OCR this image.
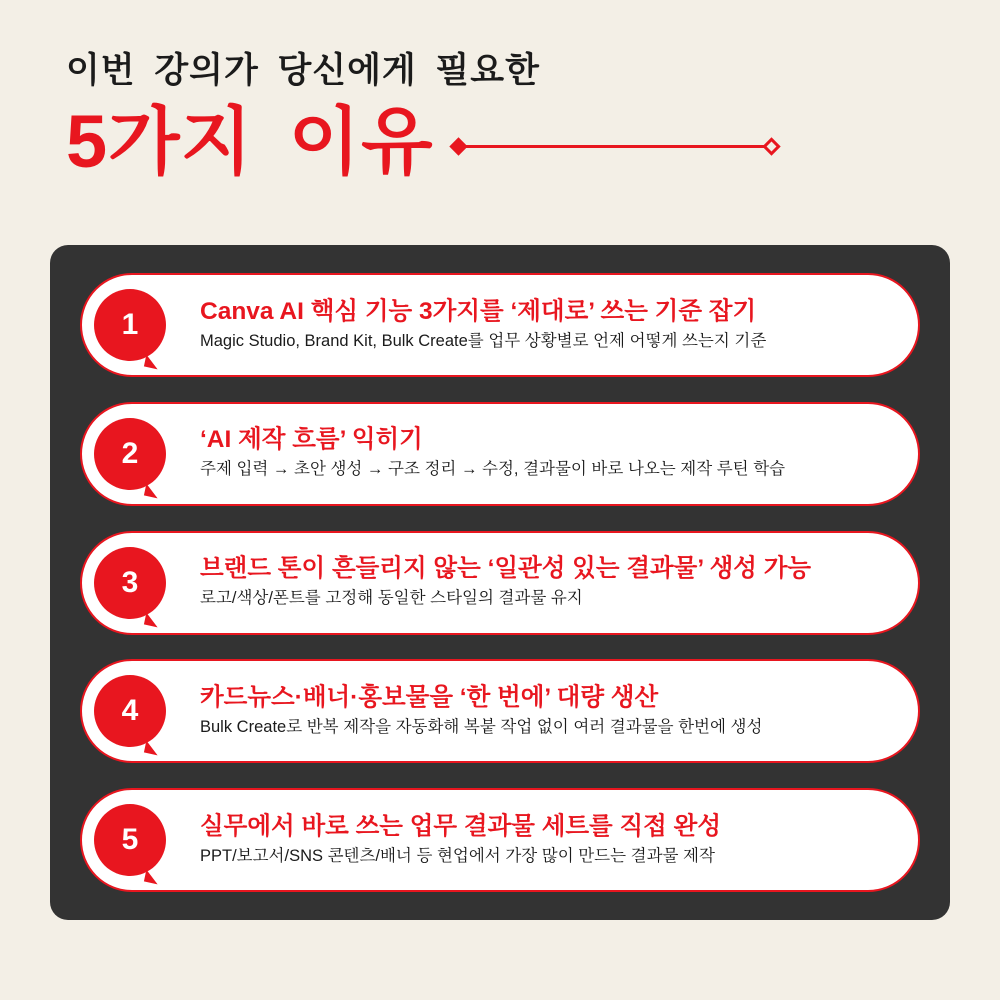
이번 강의가 당신에게 필요한
5가지 이유
1	Canva AI 핵심 기능 3가지를 ‘제대로’ 쓰는 기준 잡기
Magic Studio, Brand Kit, Bulk Create를 업무 상황별로 언제 어떻게 쓰는지 기준
2	‘AI 제작 흐름’ 익히기
주제 입력 → 초안 생성 → 구조 정리 → 수정, 결과물이 바로 나오는 제작 루틴 학습
3	브랜드 톤이 흔들리지 않는 ‘일관성 있는 결과물’ 생성 가능
로고/색상/폰트를 고정해 동일한 스타일의 결과물 유지
4	카드뉴스·배너·홍보물을 ‘한 번에’ 대량 생산
Bulk Create로 반복 제작을 자동화해 복붙 작업 없이 여러 결과물을 한번에 생성
5	실무에서 바로 쓰는 업무 결과물 세트를 직접 완성
PPT/보고서/SNS 콘텐츠/배너 등 현업에서 가장 많이 만드는 결과물 제작
